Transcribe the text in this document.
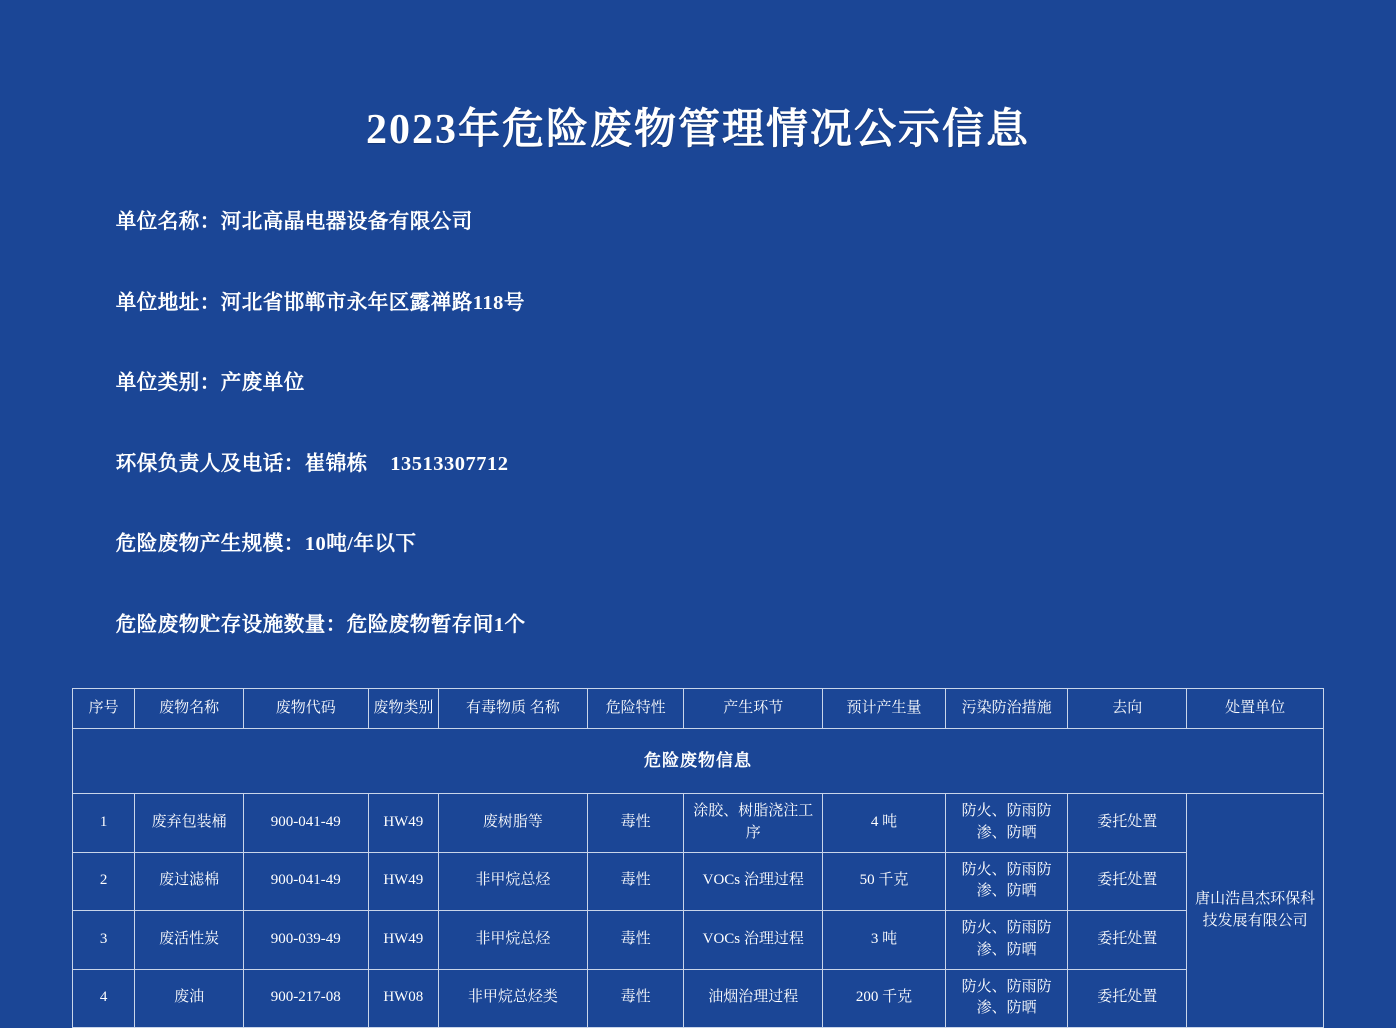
2023年危险废物管理情况公示信息

单位名称：河北高晶电器设备有限公司

单位地址：河北省邯郸市永年区露禅路118号

单位类别：产废单位

环保负责人及电话：崔锦栋    13513307712

危险废物产生规模：10吨/年以下

危险废物贮存设施数量：危险废物暂存间1个

危险废物信息										
序号	废物名称	废物代码	废物类别	有毒物质 名称	危险特性	产生环节	预计产生量	污染防治措施	去向	处置单位
1	废弃包装桶	900-041-49	HW49	废树脂等	毒性	涂胶、树脂浇注工序	4 吨	防火、防雨防渗、防晒	委托处置	唐山浩昌杰环保科技发展有限公司
2	废过滤棉	900-041-49	HW49	非甲烷总烃	毒性	VOCs 治理过程	50 千克	防火、防雨防渗、防晒	委托处置	
3	废活性炭	900-039-49	HW49	非甲烷总烃	毒性	VOCs 治理过程	3 吨	防火、防雨防渗、防晒	委托处置	
4	废油	900-217-08	HW08	非甲烷总烃类	毒性	油烟治理过程	200 千克	防火、防雨防渗、防晒	委托处置	
